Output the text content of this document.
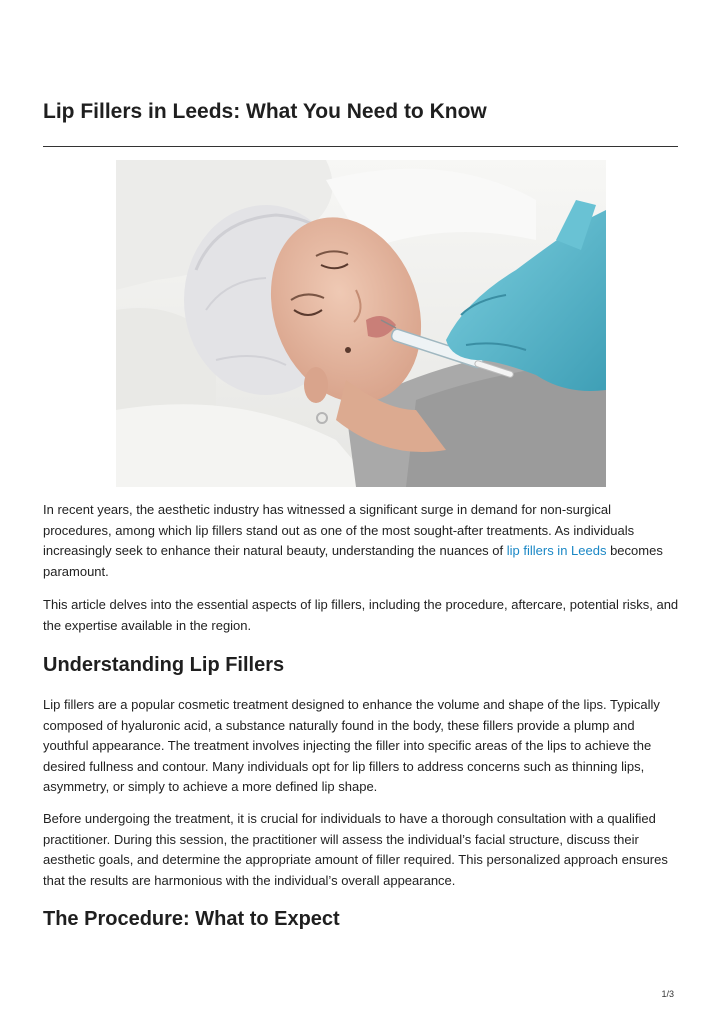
Lip Fillers in Leeds: What You Need to Know

In recent years, the aesthetic industry has witnessed a significant surge in demand for non-surgical procedures, among which lip fillers stand out as one of the most sought-after treatments. As individuals increasingly seek to enhance their natural beauty, understanding the nuances of lip fillers in Leeds becomes paramount.

This article delves into the essential aspects of lip fillers, including the procedure, aftercare, potential risks, and the expertise available in the region.

Understanding Lip Fillers

Lip fillers are a popular cosmetic treatment designed to enhance the volume and shape of the lips. Typically composed of hyaluronic acid, a substance naturally found in the body, these fillers provide a plump and youthful appearance. The treatment involves injecting the filler into specific areas of the lips to achieve the desired fullness and contour. Many individuals opt for lip fillers to address concerns such as thinning lips, asymmetry, or simply to achieve a more defined lip shape.

Before undergoing the treatment, it is crucial for individuals to have a thorough consultation with a qualified practitioner. During this session, the practitioner will assess the individual’s facial structure, discuss their aesthetic goals, and determine the appropriate amount of filler required. This personalized approach ensures that the results are harmonious with the individual’s overall appearance.

The Procedure: What to Expect
1/3
